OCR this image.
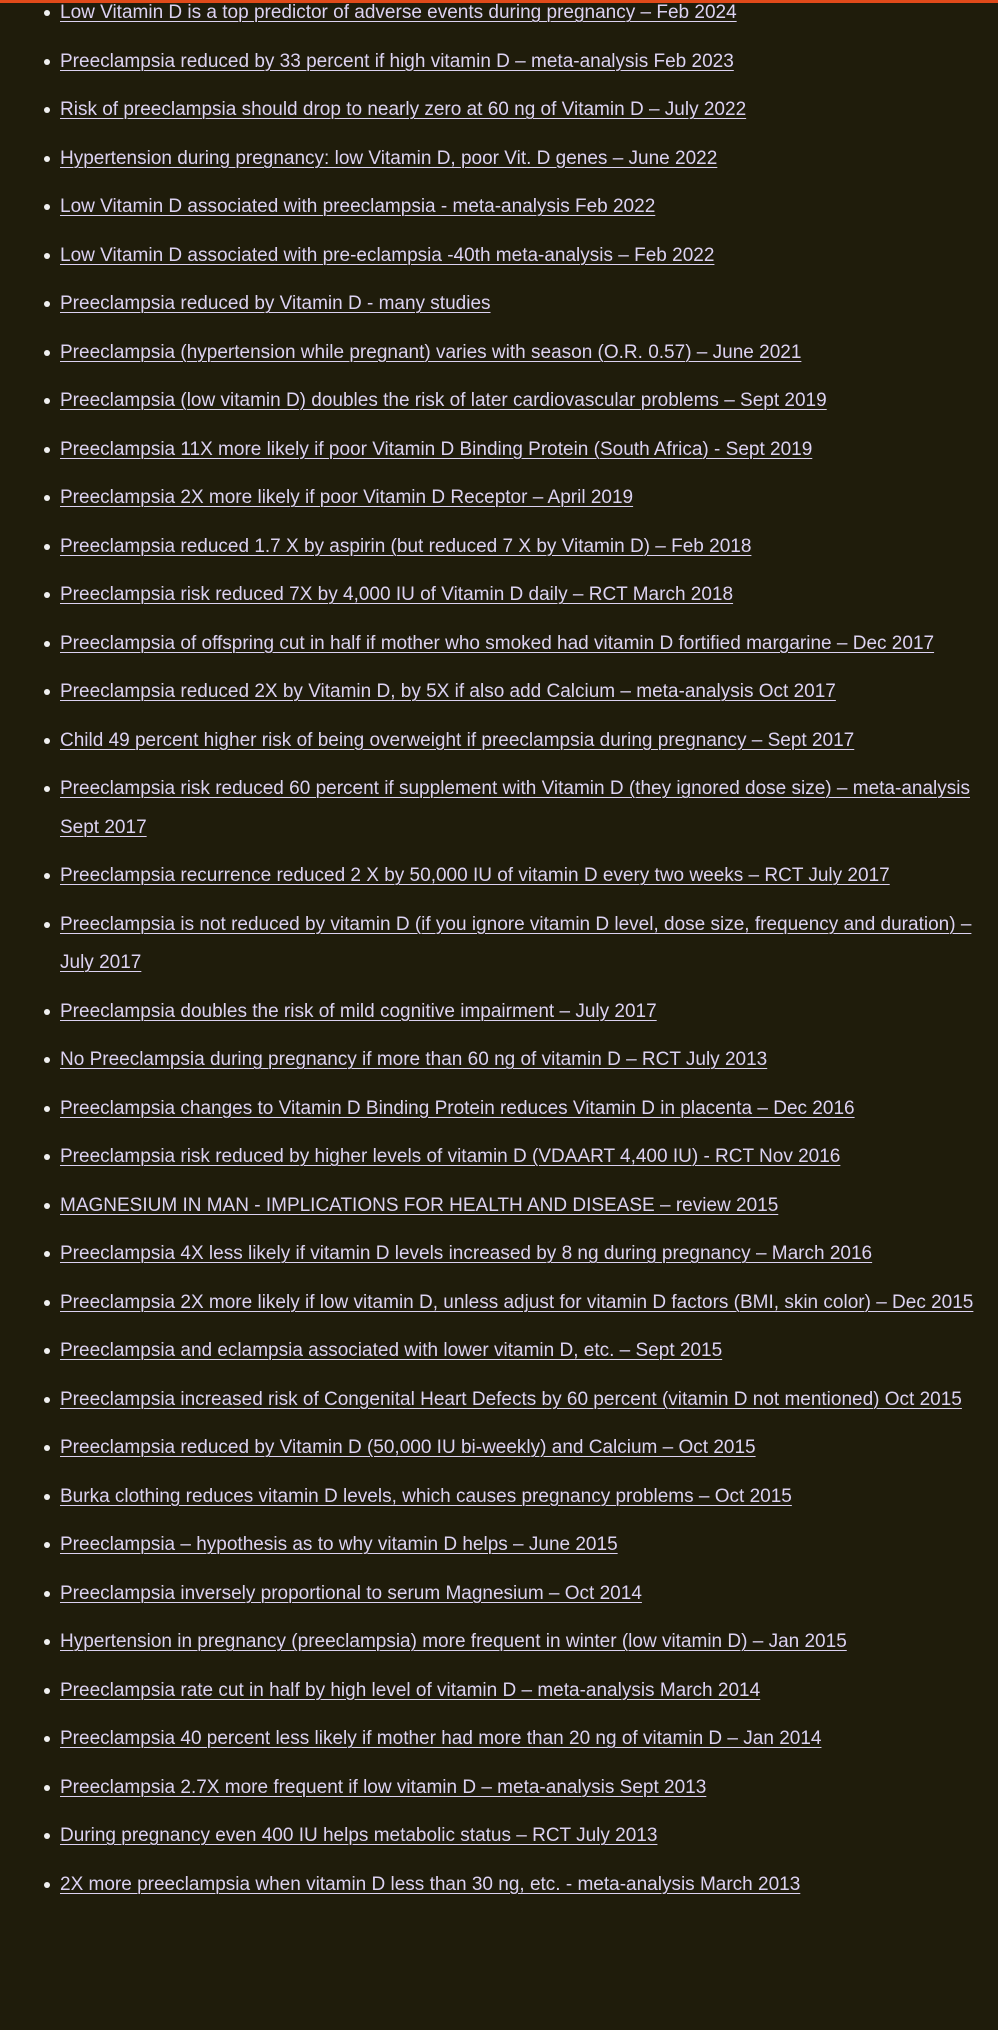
Low Vitamin D is a top predictor of adverse events during pregnancy – Feb 2024
Preeclampsia reduced by 33 percent if high vitamin D – meta-analysis Feb 2023
Risk of preeclampsia should drop to nearly zero at 60 ng of Vitamin D – July 2022
Hypertension during pregnancy: low Vitamin D, poor Vit. D genes – June 2022
Low Vitamin D associated with preeclampsia - meta-analysis Feb 2022
Low Vitamin D associated with pre-eclampsia -40th meta-analysis – Feb 2022
Preeclampsia reduced by Vitamin D - many studies
Preeclampsia (hypertension while pregnant) varies with season (O.R. 0.57) – June 2021
Preeclampsia (low vitamin D) doubles the risk of later cardiovascular problems – Sept 2019
Preeclampsia 11X more likely if poor Vitamin D Binding Protein (South Africa) - Sept 2019
Preeclampsia 2X more likely if poor Vitamin D Receptor – April 2019
Preeclampsia reduced 1.7 X by aspirin (but reduced 7 X by Vitamin D) – Feb 2018
Preeclampsia risk reduced 7X by 4,000 IU of Vitamin D daily – RCT March 2018
Preeclampsia of offspring cut in half if mother who smoked had vitamin D fortified margarine – Dec 2017
Preeclampsia reduced 2X by Vitamin D, by 5X if also add Calcium – meta-analysis Oct 2017
Child 49 percent higher risk of being overweight if preeclampsia during pregnancy – Sept 2017
Preeclampsia risk reduced 60 percent if supplement with Vitamin D (they ignored dose size) – meta-analysis Sept 2017
Preeclampsia recurrence reduced 2 X by 50,000 IU of vitamin D every two weeks – RCT July 2017
Preeclampsia is not reduced by vitamin D (if you ignore vitamin D level, dose size, frequency and duration) – July 2017
Preeclampsia doubles the risk of mild cognitive impairment – July 2017
No Preeclampsia during pregnancy if more than 60 ng of vitamin D – RCT July 2013
Preeclampsia changes to Vitamin D Binding Protein reduces Vitamin D in placenta – Dec 2016
Preeclampsia risk reduced by higher levels of vitamin D (VDAART 4,400 IU) - RCT Nov 2016
MAGNESIUM IN MAN - IMPLICATIONS FOR HEALTH AND DISEASE – review 2015
Preeclampsia 4X less likely if vitamin D levels increased by 8 ng during pregnancy – March 2016
Preeclampsia 2X more likely if low vitamin D, unless adjust for vitamin D factors (BMI, skin color) – Dec 2015
Preeclampsia and eclampsia associated with lower vitamin D, etc. – Sept 2015
Preeclampsia increased risk of Congenital Heart Defects by 60 percent (vitamin D not mentioned) Oct 2015
Preeclampsia reduced by Vitamin D (50,000 IU bi-weekly) and Calcium – Oct 2015
Burka clothing reduces vitamin D levels, which causes pregnancy problems – Oct 2015
Preeclampsia – hypothesis as to why vitamin D helps – June 2015
Preeclampsia inversely proportional to serum Magnesium – Oct 2014
Hypertension in pregnancy (preeclampsia) more frequent in winter (low vitamin D) – Jan 2015
Preeclampsia rate cut in half by high level of vitamin D – meta-analysis March 2014
Preeclampsia 40 percent less likely if mother had more than 20 ng of vitamin D – Jan 2014
Preeclampsia 2.7X more frequent if low vitamin D – meta-analysis Sept 2013
During pregnancy even 400 IU helps metabolic status – RCT July 2013
2X more preeclampsia when vitamin D less than 30 ng, etc. - meta-analysis March 2013
